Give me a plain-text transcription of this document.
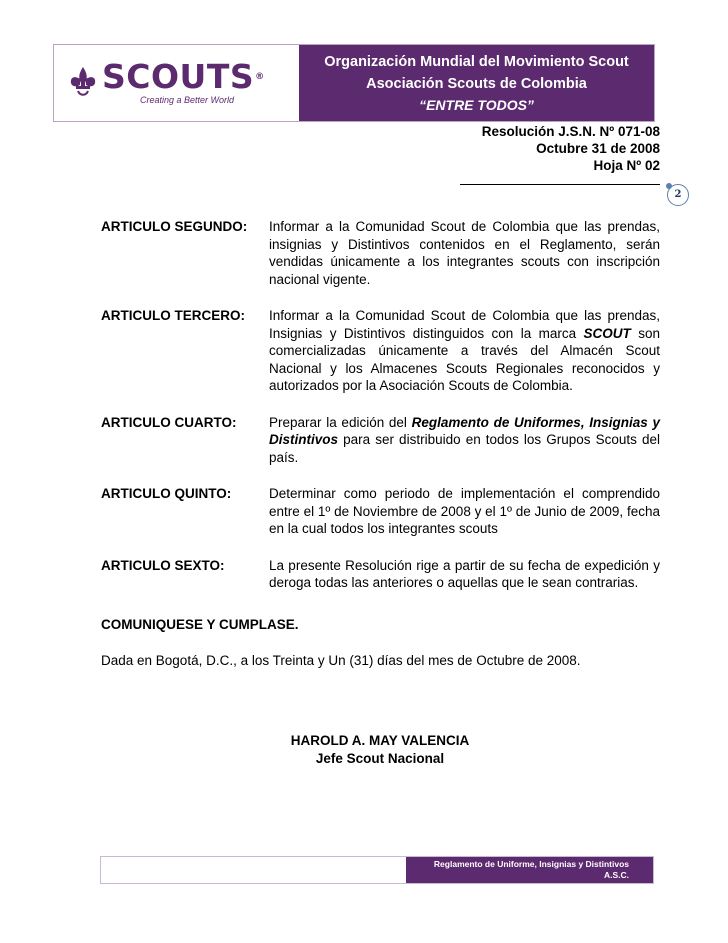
SCOUTS®
Creating a Better World
Organización Mundial del Movimiento Scout
Asociación Scouts de Colombia
“ENTRE TODOS”
Resolución J.S.N. Nº 071-08
Octubre 31 de 2008
Hoja Nº 02
2
ARTICULO SEGUNDO:	Informar a la Comunidad Scout de Colombia que las prendas, insignias y Distintivos contenidos en el Reglamento, serán vendidas únicamente a los integrantes scouts con inscripción nacional vigente.
ARTICULO TERCERO:	Informar a la Comunidad Scout de Colombia que las prendas, Insignias y Distintivos distinguidos con la marca SCOUT son comercializadas únicamente a través del Almacén Scout Nacional y los Almacenes Scouts Regionales reconocidos y autorizados por la Asociación Scouts de Colombia.
ARTICULO CUARTO:	Preparar la edición del Reglamento de Uniformes, Insignias y Distintivos para ser distribuido en todos los Grupos Scouts del país.
ARTICULO QUINTO:	Determinar como periodo de implementación el comprendido entre el 1º de Noviembre de 2008 y el 1º de Junio de 2009, fecha en la cual todos los integrantes scouts
ARTICULO SEXTO:	La presente Resolución rige a partir de su fecha de expedición y deroga todas las anteriores o aquellas que le sean contrarias.
COMUNIQUESE Y CUMPLASE.
Dada en Bogotá, D.C., a los Treinta y Un (31) días del mes de Octubre de 2008.
HAROLD A. MAY VALENCIA
Jefe Scout Nacional
Reglamento de Uniforme, Insignias y Distintivos
A.S.C.
